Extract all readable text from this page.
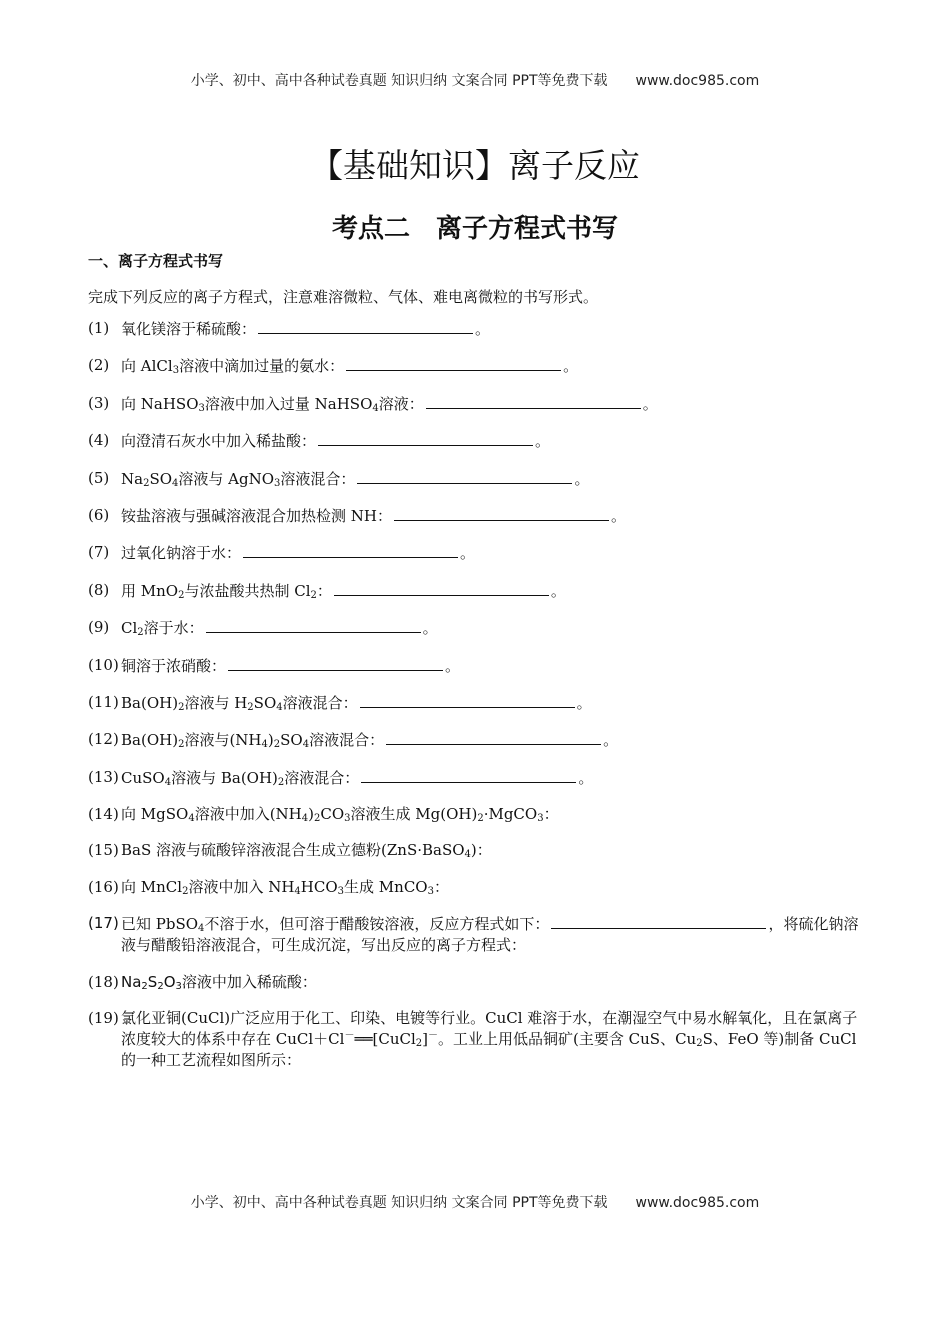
小学、初中、高中各种试卷真题 知识归纳 文案合同 PPT等免费下载 www.doc985.com
【基础知识】离子反应
考点二　离子方程式书写
一、离子方程式书写
完成下列反应的离子方程式，注意难溶微粒、气体、难电离微粒的书写形式。
(1) 氧化镁溶于稀硫酸：	。
(2) 向 AlCl$_3$溶液中滴加过量的氨水：	。
(3) 向 NaHSO$_3$溶液中加入过量 NaHSO$_4$溶液：	。
(4) 向澄清石灰水中加入稀盐酸：	。
(5) $Na_2SO_4$溶液与 AgNO$_3$溶液混合：	。
(6) 铵盐溶液与强碱溶液混合加热检测 NH：	。
(7) 过氧化钠溶于水：	。
(8) 用 MnO$_2$与浓盐酸共热制 $Cl_2$：	。
(9) $Cl_2$溶于水：	。
(10) 铜溶于浓硝酸：	。
(11) $Ba(OH)_2$溶液与 $H_2SO_4$溶液混合：	。
(12) $Ba(OH)_2$溶液与$(NH_4)_2SO_4$溶液混合：	。
(13) CuSO$_4$溶液与 $Ba(OH)_2$溶液混合：	。
(14) 向 MgSO$_4$溶液中加入$(NH_4)_2CO_3$溶液生成 $Mg(OH)_2\cdot MgCO_3$：
(15) BaS 溶液与硫酸锌溶液混合生成立德粉(ZnS·BaSO$_4$)：
(16) 向 MnCl$_2$溶液中加入 $NH_4HCO_3$生成 MnCO$_3$：
(17) 已知 PbSO$_4$不溶于水，但可溶于醋酸铵溶液，反应方程式如下：	，将硫化钠溶液与醋酸铅溶液混合，可生成沉淀，写出反应的离子方程式：
(18) $Na_2S_2O_3$溶液中加入稀硫酸：
(19) 氯化亚铜(CuCl)广泛应用于化工、印染、电镀等行业。CuCl 难溶于水，在潮湿空气中易水解氧化，且在氯离子浓度较大的体系中存在 CuCl＋Cl－══[CuCl$_2$]－。工业上用低品铜矿(主要含 CuS、$Cu_2S$、FeO 等)制备 CuCl 的一种工艺流程如图所示：
小学、初中、高中各种试卷真题 知识归纳 文案合同 PPT等免费下载 www.doc985.com
